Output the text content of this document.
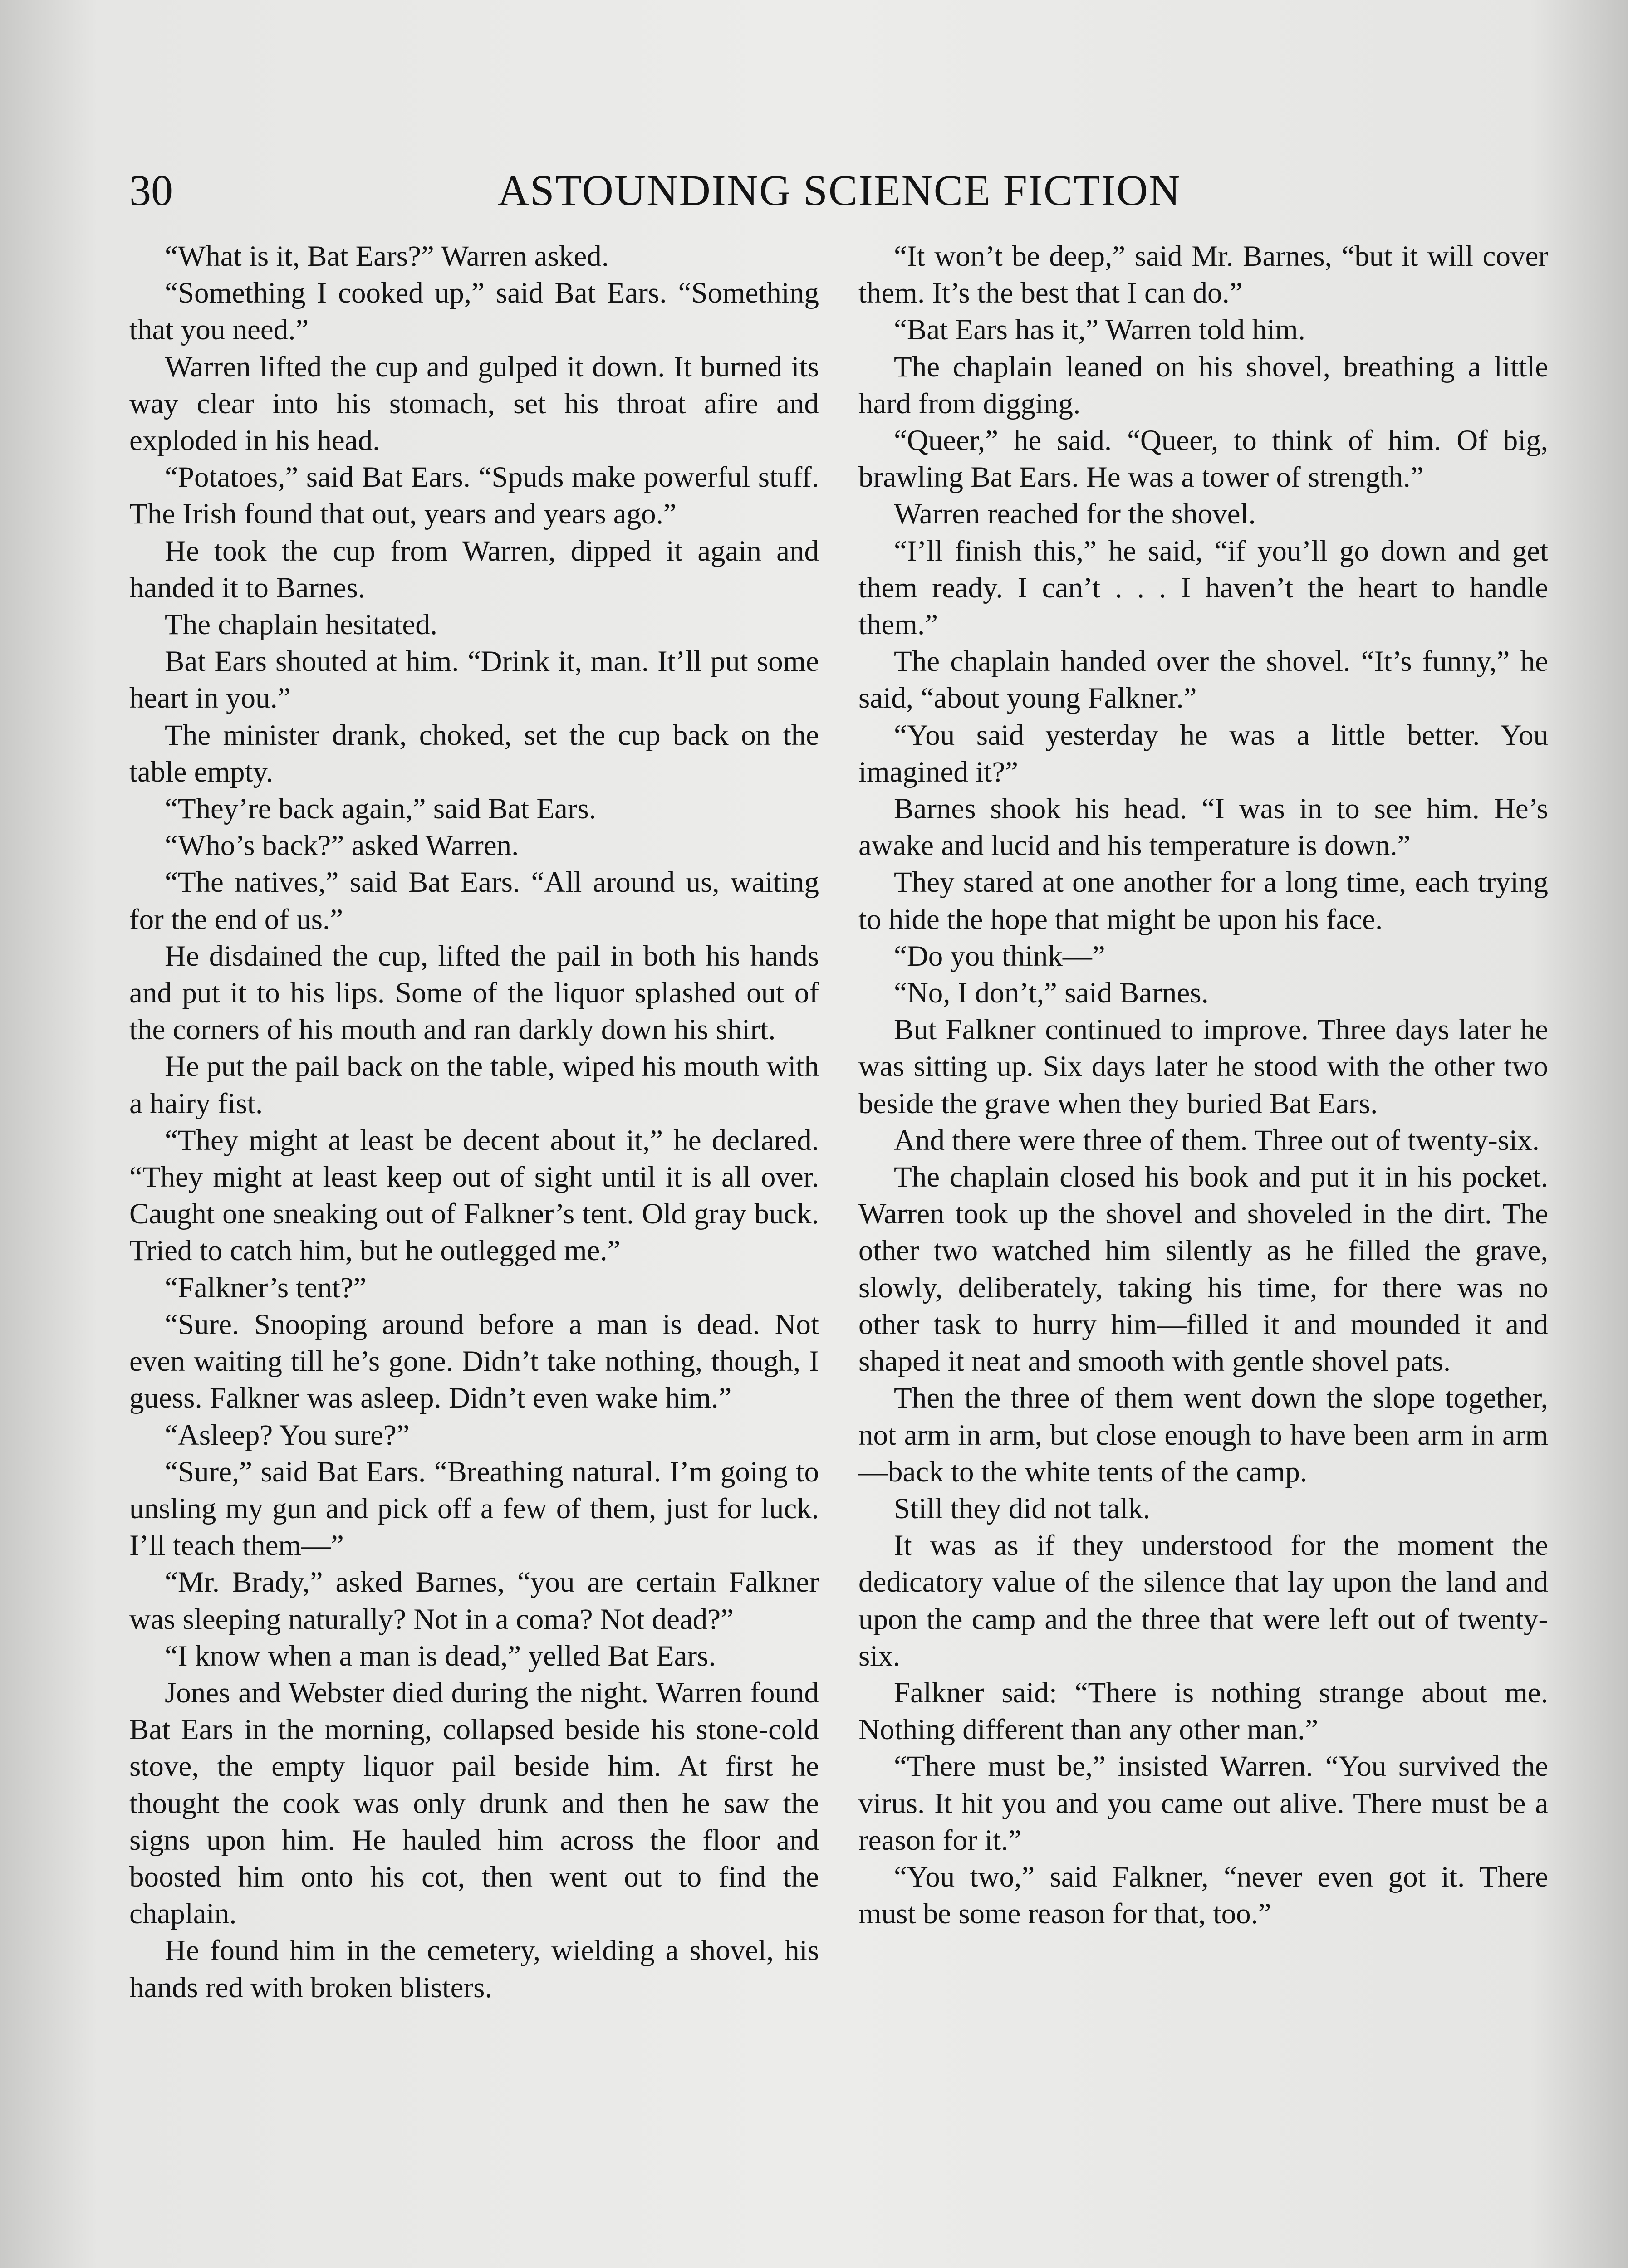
30	ASTOUNDING SCIENCE FICTION

“What is it, Bat Ears?” Warren asked.

“Something I cooked up,” said Bat Ears. “Something that you need.”

Warren lifted the cup and gulped it down. It burned its way clear into his stomach, set his throat afire and exploded in his head.

“Potatoes,” said Bat Ears. “Spuds make powerful stuff. The Irish found that out, years and years ago.”

He took the cup from Warren, dipped it again and handed it to Barnes.

The chaplain hesitated.

Bat Ears shouted at him. “Drink it, man. It’ll put some heart in you.”

The minister drank, choked, set the cup back on the table empty.

“They’re back again,” said Bat Ears.

“Who’s back?” asked Warren.

“The natives,” said Bat Ears. “All around us, waiting for the end of us.”

He disdained the cup, lifted the pail in both his hands and put it to his lips. Some of the liquor splashed out of the corners of his mouth and ran darkly down his shirt.

He put the pail back on the table, wiped his mouth with a hairy fist.

“They might at least be decent about it,” he declared. “They might at least keep out of sight until it is all over. Caught one sneaking out of Falkner’s tent. Old gray buck. Tried to catch him, but he outlegged me.”

“Falkner’s tent?”

“Sure. Snooping around before a man is dead. Not even waiting till he’s gone. Didn’t take nothing, though, I guess. Falkner was asleep. Didn’t even wake him.”

“Asleep? You sure?”

“Sure,” said Bat Ears. “Breathing natural. I’m going to unsling my gun and pick off a few of them, just for luck. I’ll teach them—”

“Mr. Brady,” asked Barnes, “you are certain Falkner was sleeping naturally? Not in a coma? Not dead?”

“I know when a man is dead,” yelled Bat Ears.

Jones and Webster died during the night. Warren found Bat Ears in the morning, collapsed beside his stone-cold stove, the empty liquor pail beside him. At first he thought the cook was only drunk and then he saw the signs upon him. He hauled him across the floor and boosted him onto his cot, then went out to find the chaplain.

He found him in the cemetery, wielding a shovel, his hands red with broken blisters.

“It won’t be deep,” said Mr. Barnes, “but it will cover them. It’s the best that I can do.”

“Bat Ears has it,” Warren told him.

The chaplain leaned on his shovel, breathing a little hard from digging.

“Queer,” he said. “Queer, to think of him. Of big, brawling Bat Ears. He was a tower of strength.”

Warren reached for the shovel.

“I’ll finish this,” he said, “if you’ll go down and get them ready. I can’t . . . I haven’t the heart to handle them.”

The chaplain handed over the shovel. “It’s funny,” he said, “about young Falkner.”

“You said yesterday he was a little better. You imagined it?”

Barnes shook his head. “I was in to see him. He’s awake and lucid and his temperature is down.”

They stared at one another for a long time, each trying to hide the hope that might be upon his face.

“Do you think—”

“No, I don’t,” said Barnes.

But Falkner continued to improve. Three days later he was sitting up. Six days later he stood with the other two beside the grave when they buried Bat Ears.

And there were three of them. Three out of twenty-six.

The chaplain closed his book and put it in his pocket. Warren took up the shovel and shoveled in the dirt. The other two watched him silently as he filled the grave, slowly, deliberately, taking his time, for there was no other task to hurry him—filled it and mounded it and shaped it neat and smooth with gentle shovel pats.

Then the three of them went down the slope together, not arm in arm, but close enough to have been arm in arm—back to the white tents of the camp.

Still they did not talk.

It was as if they understood for the moment the dedicatory value of the silence that lay upon the land and upon the camp and the three that were left out of twenty-six.

Falkner said: “There is nothing strange about me. Nothing different than any other man.”

“There must be,” insisted Warren. “You survived the virus. It hit you and you came out alive. There must be a reason for it.”

“You two,” said Falkner, “never even got it. There must be some reason for that, too.”
